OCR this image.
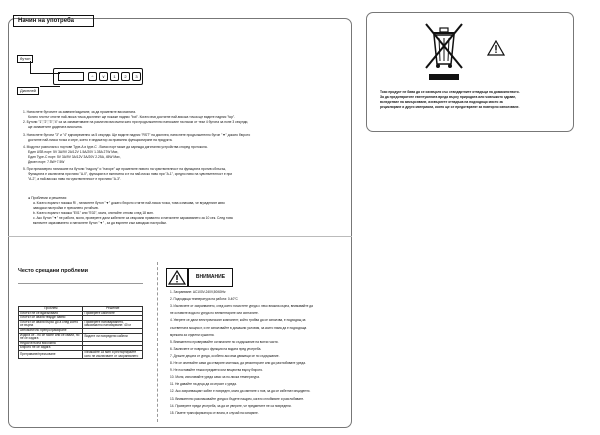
Начин на употреба
бутон
^	∨	1	2	3
Дисплей
1. Натиснете бутоните за завеяне/издигане, за да промените височината.
Когато плотът стигне най-ниска точка дисплеят ще покаже надпис "bot". Когато във достигне най-висока точка ще видите надпис "top".
2. Бутони "1","2","3","4" са за запаметяване на различни височини като при продължително натискане на някои от тези 4 бутона за поне 3 секунди,
ще запаметите дадената височина.
3. Натиснете бутони "3" и "4" едновременно за 5 секунди. Ще видите надпис "RST" на дисплея, натиснете продължително бутон "▼" докато бюрото
достигне най-ниска точка и спре, което е индикатор за правилно функциониране на продукта.
4. Модулът разполага с портове Type-A и type-C . Всеки порт може да зарежда дигитални устройства според протокола.
Един USB порт: 5V 3A/9V 2A/12V 1.5A/20V 1.35A 27W Max,
Един Type-C порт: 5V 3A/9V 3A/12V 3A/20V 2.25A, 45W Max,
Двоен порт: 7.5W+7.5W
5. При прекомерно натискане на бутони "надолу" и "нагоре" ще промените нивото на чувствителност на функцията против сблъсък,
Функцията е изключена при ниво "А-0", функцията е включена и е на най-ниско ниво при "А-1", средно ниво на чувствителност е при
"А-2", а най-високо ниво на чувствителност е при ниво "А-3".
● Проблеми и решения:
а. Когато екранът покажа R/ , натиснете бутон "▼" докато бюрото стигне най-ниска точка, това означава, че вграденият киво
заводски настройки е прекалено устойчив.
b. Когато екранът покажа "E01" или "E02", моля, опитайте отново след 18 мин.
c. Ако бутон "▼" не работи, моля, проверете дали кабелите са свързани правилно и натиснете заразяването за 10 сек. След това
включете заразяването и натиснете бутон "▼" , за да върнете към заводски настройки.
Често срещани проблеми
Проблем	Решение
Плотът не се вдига/сваля	Проверете кабелите
Плотът се сваля твърде бавно	
Плотът се сваля бързо до а след което се върна	Проверете натоварването, максимално натоварване: 40 кг
Автоматично препрограмиране	
Издига се - но се гасне или се свали, но не се издига	Видите ли повредени кабели
Недостатъчна височина	
Бюрото не се издига	
Прегряване/прекъсване	Изчакайте 18 мин и рестартирайте като не изключвате от захранването
ВНИМАНИЕ
1. Захранване: AC100V-240V,50/60Hz
2. Подходяща температура на работа: 0-40°C
3. Изключете от захранването, след което почистете уреда с леко влажна кърпа, внимавайте да
не оставите вода по уреда по елементарите или сигналите.
4. Уверете се дали електрическият компонент, който трябва да се използва, е подходящ за
съответната мощност, и не използвайте в домашни условия, за които няма да е подходяща
мрежата за отделни сушилни.
5. Внимателно проверявайте останалите по съдържание на вончи части.
6. Заключете от повреда с функция на водата пред употреба.
7. Дръжте децата от уреда, особено ако има движещи се по съдържание.
8. Не се опитвайте сами да отваряте монтажа, да ремонтирате или да разглобявате уреда.
9. Не поставяйте тежки предмети или вещества върху бюрото.
10. Моля, използвайте уреда само за по-ниска температура.
11. Не давайте на деца да си играят с уреда.
12. Ако захранващият кабел е повреден, моля да смените с нов, за да се избегнат инциденти.
13. Внимателно разопаковайте уреда и бъдете нащрек, когато сглобявате и разглобявате.
14. Проверете преди употреба, за да се уверите, че предметите не са повредени.
15. Пазете трансформатора от влага, в случай на изгаряне.
Този продукт не бива да се изхвърля със стандартните отпадъци на домакинството.
За да предотвратите евентуалната вреда върху природата или човешкото здраве,
вследствие на замърсяване, изхвърлете отпадъка на подходящо място за
рециклиране и други материали, които ще се предотвратят за повторно използване.
